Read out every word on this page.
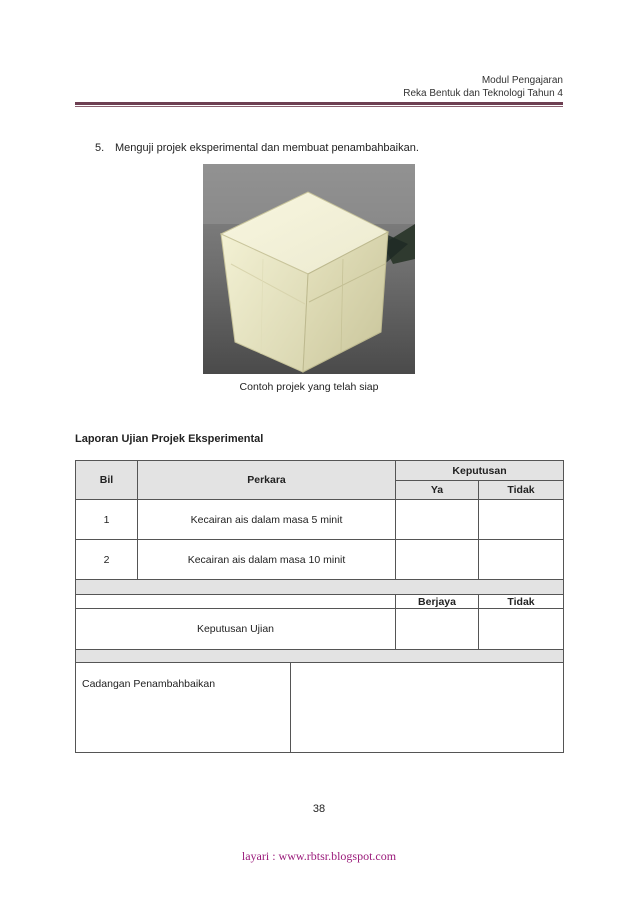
Modul Pengajaran
Reka Bentuk dan Teknologi Tahun 4
5. Menguji projek eksperimental dan membuat penambahbaikan.
Contoh projek yang telah siap
Laporan Ujian Projek Eksperimental
Bil	Perkara		Keputusan	
			Ya	Tidak
1	Kecairan ais dalam masa 5 minit			
2	Kecairan ais dalam masa 10 minit			

			Berjaya	Tidak
Keputusan Ujian				

Cadangan Penambahbaikan				
38
layari : www.rbtsr.blogspot.com
